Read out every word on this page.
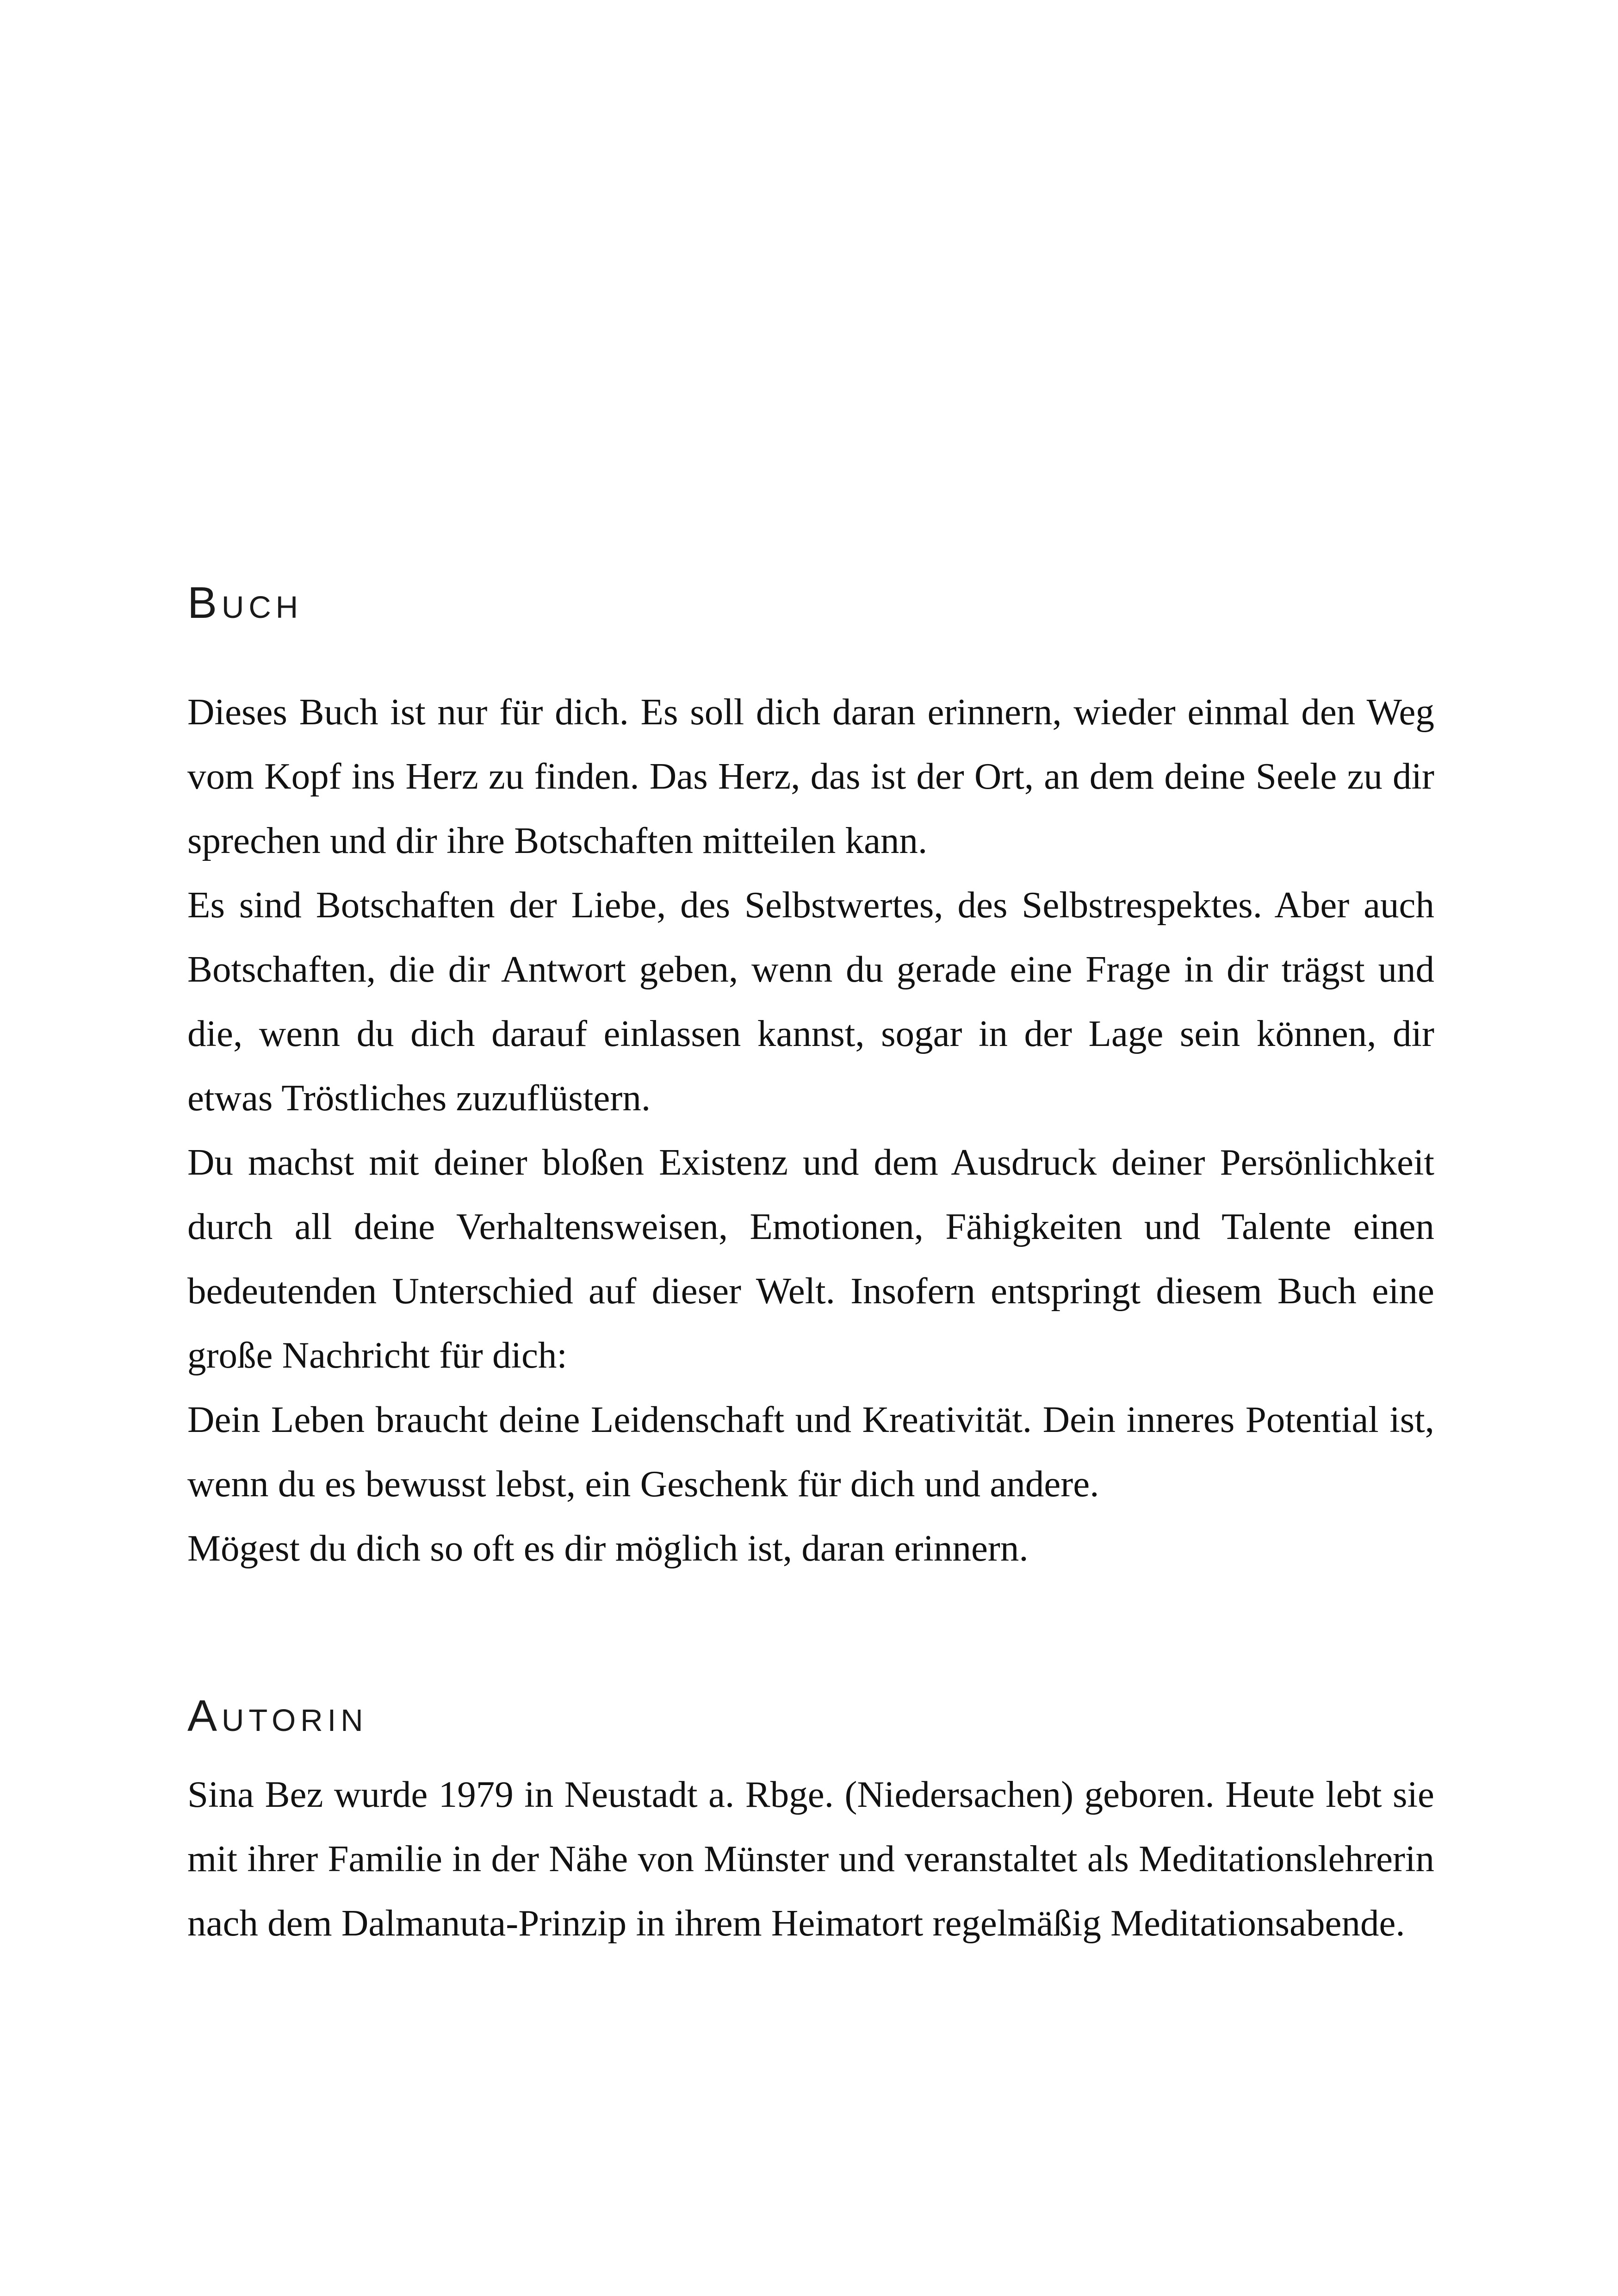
Buch

Dieses Buch ist nur für dich. Es soll dich daran erinnern, wieder einmal den Weg vom Kopf ins Herz zu finden. Das Herz, das ist der Ort, an dem deine Seele zu dir sprechen und dir ihre Botschaften mitteilen kann.

Es sind Botschaften der Liebe, des Selbstwertes, des Selbstrespektes. Aber auch Botschaften, die dir Antwort geben, wenn du gerade eine Frage in dir trägst und die, wenn du dich darauf einlassen kannst, sogar in der Lage sein können, dir etwas Tröstliches zuzuflüstern.

Du machst mit deiner bloßen Existenz und dem Ausdruck deiner Persönlichkeit durch all deine Verhaltensweisen, Emotionen, Fähigkeiten und Talente einen bedeutenden Unterschied auf dieser Welt. Insofern entspringt diesem Buch eine große Nachricht für dich:

Dein Leben braucht deine Leidenschaft und Kreativität. Dein inneres Potential ist, wenn du es bewusst lebst, ein Geschenk für dich und andere.

Mögest du dich so oft es dir möglich ist, daran erinnern.

Autorin

Sina Bez wurde 1979 in Neustadt a. Rbge. (Niedersachen) geboren. Heute lebt sie mit ihrer Familie in der Nähe von Münster und veranstaltet als Meditationslehrerin nach dem Dalmanuta-Prinzip in ihrem Heimatort regelmäßig Meditationsabende.
